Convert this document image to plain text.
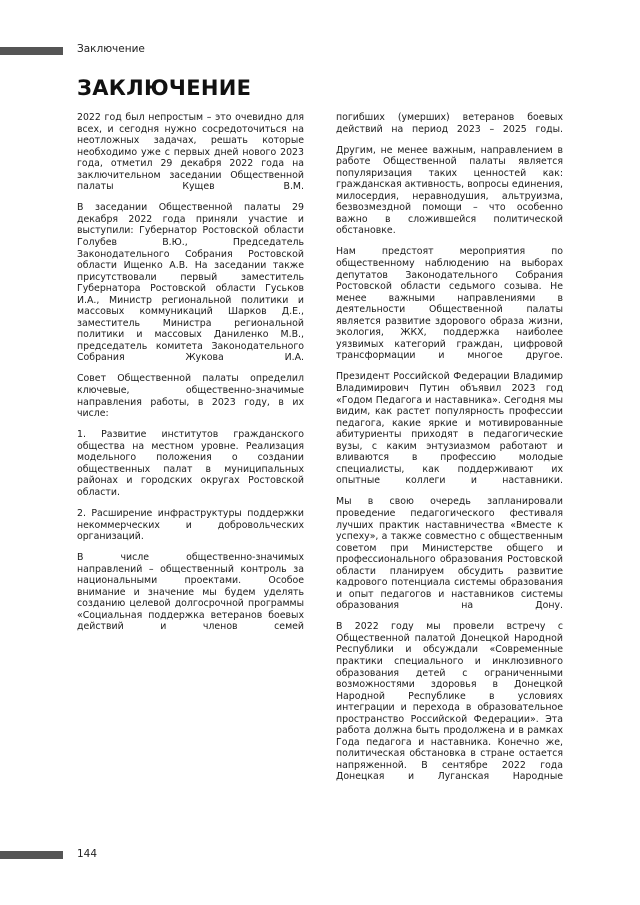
Заключение
ЗАКЛЮЧЕНИЕ

2022 год был непростым – это очевидно для всех, и сегодня нужно сосредоточиться на неотложных задачах, решать которые необходимо уже с первых дней нового 2023 года, отметил 29 декабря 2022 года на заключительном заседании Общественной палаты Кущев В.М.

В заседании Общественной палаты 29 декабря 2022 года приняли участие и выступили: Губернатор Ростовской области Голубев В.Ю., Председатель Законодательного Собрания Ростовской области Ищенко А.В. На заседании также присутствовали первый заместитель Губернатора Ростовской области Гуськов И.А., Министр региональной политики и массовых коммуникаций Шарков Д.Е., заместитель Министра региональной политики и массовых Даниленко М.В., председатель комитета Законодательного Собрания Жукова И.А.

Совет Общественной палаты определил ключевые, общественно-значимые направления работы, в 2023 году, в их числе:

1. Развитие институтов гражданского общества на местном уровне. Реализация модельного положения о создании общественных палат в муниципальных районах и городских округах Ростовской области.

2. Расширение инфраструктуры поддержки некоммерческих и добровольческих организаций.

В числе общественно-значимых направлений – общественный контроль за национальными проектами. Особое внимание и значение мы будем уделять созданию целевой долгосрочной программы «Социальная поддержка ветеранов боевых действий и членов семей

погибших (умерших) ветеранов боевых действий на период 2023 – 2025 годы.

Другим, не менее важным, направлением в работе Общественной палаты является популяризация таких ценностей как: гражданская активность, вопросы единения, милосердия, неравнодушия, альтруизма, безвозмездной помощи – что особенно важно в сложившейся политической обстановке.

Нам предстоят мероприятия по общественному наблюдению на выборах депутатов Законодательного Собрания Ростовской области седьмого созыва. Не менее важными направлениями в деятельности Общественной палаты является развитие здорового образа жизни, экология, ЖКХ, поддержка наиболее уязвимых категорий граждан, цифровой трансформации и многое другое.

Президент Российской Федерации Владимир Владимирович Путин объявил 2023 год «Годом Педагога и наставника». Сегодня мы видим, как растет популярность профессии педагога, какие яркие и мотивированные абитуриенты приходят в педагогические вузы, с каким энтузиазмом работают и вливаются в профессию молодые специалисты, как поддерживают их опытные коллеги и наставники.

Мы в свою очередь запланировали проведение педагогического фестиваля лучших практик наставничества «Вместе к успеху», а также совместно с общественным советом при Министерстве общего и профессионального образования Ростовской области планируем обсудить развитие кадрового потенциала системы образования и опыт педагогов и наставников системы образования на Дону.

В 2022 году мы провели встречу с Общественной палатой Донецкой Народной Республики и обсуждали «Современные практики специального и инклюзивного образования детей с ограниченными возможностями здоровья в Донецкой Народной Республике в условиях интеграции и перехода в образовательное пространство Российской Федерации». Эта работа должна быть продолжена и в рамках Года педагога и наставника. Конечно же, политическая обстановка в стране остается напряженной. В сентябре 2022 года Донецкая и Луганская Народные

144
